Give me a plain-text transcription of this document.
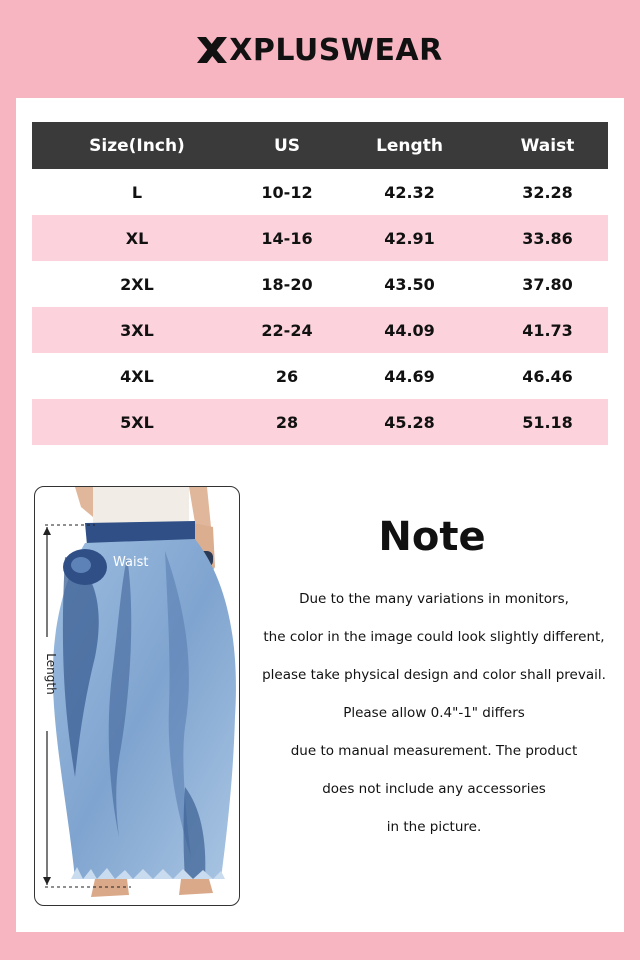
XPLUSWEAR
Size(Inch)	US	Length	Waist
L	10-12	42.32	32.28
XL	14-16	42.91	33.86
2XL	18-20	43.50	37.80
3XL	22-24	44.09	41.73
4XL	26	44.69	46.46
5XL	28	45.28	51.18
Waist
Length
Note
Due to the many variations in monitors,
the color in the image could look slightly different,
please take physical design and color shall prevail.
Please allow 0.4"-1" differs
due to manual measurement. The product
does not include any accessories
in the picture.
